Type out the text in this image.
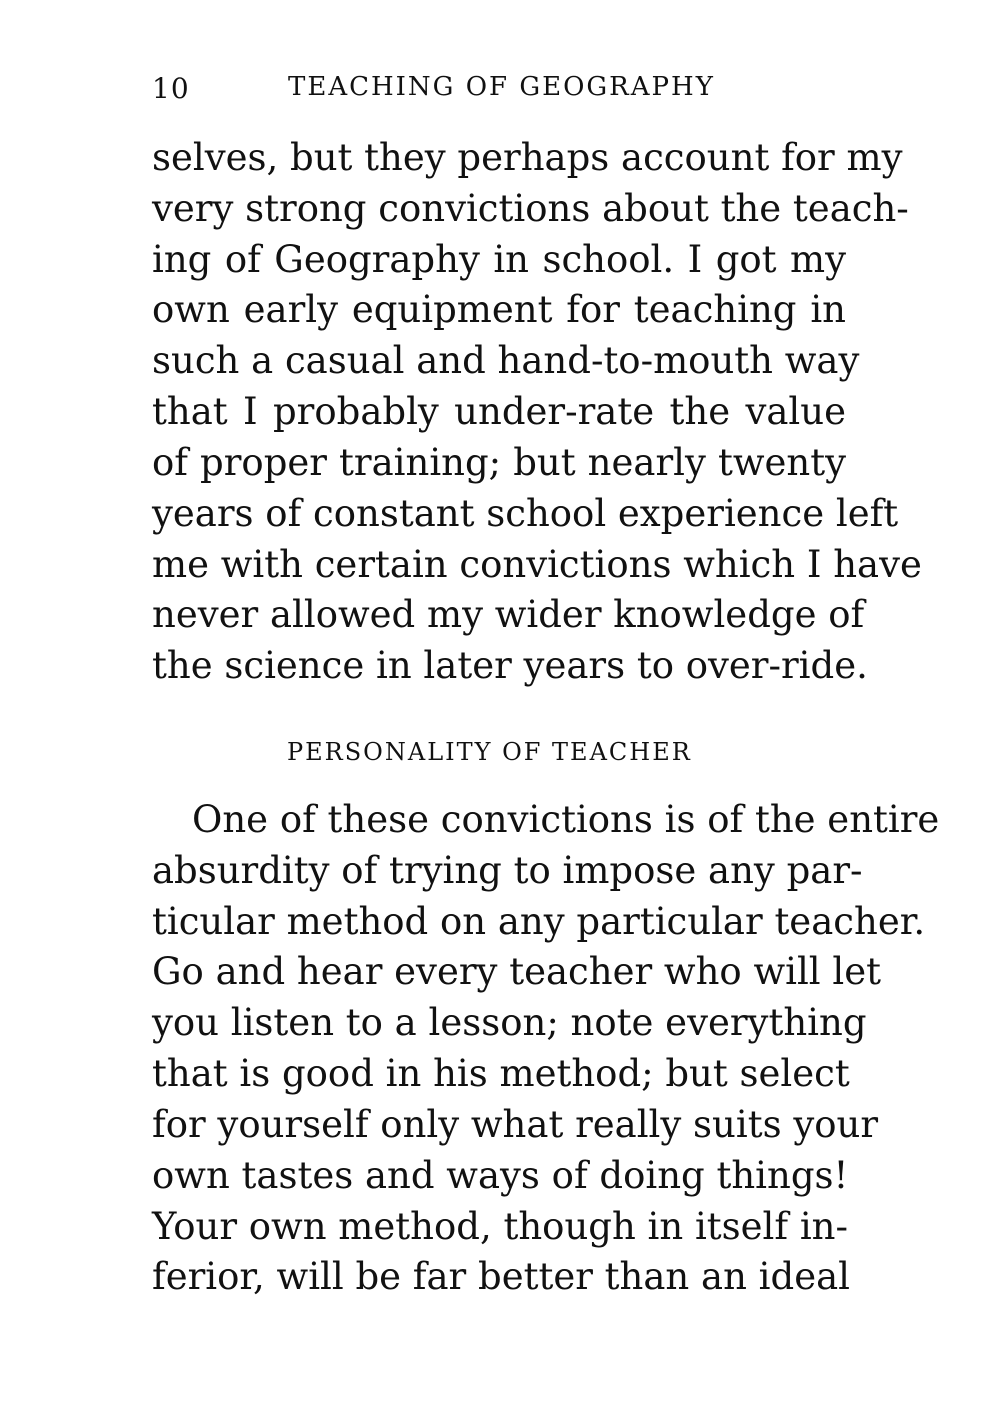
10	TEACHING OF GEOGRAPHY
selves, but they perhaps account for my
very strong convictions about the teach-
ing of Geography in school. I got my
own early equipment for teaching in
such a casual and hand-to-mouth way
that I probably under-rate the value
of proper training; but nearly twenty
years of constant school experience left
me with certain convictions which I have
never allowed my wider knowledge of
the science in later years to over-ride.
PERSONALITY OF TEACHER
One of these convictions is of the entire
absurdity of trying to impose any par-
ticular method on any particular teacher.
Go and hear every teacher who will let
you listen to a lesson; note everything
that is good in his method; but select
for yourself only what really suits your
own tastes and ways of doing things!
Your own method, though in itself in-
ferior, will be far better than an ideal
